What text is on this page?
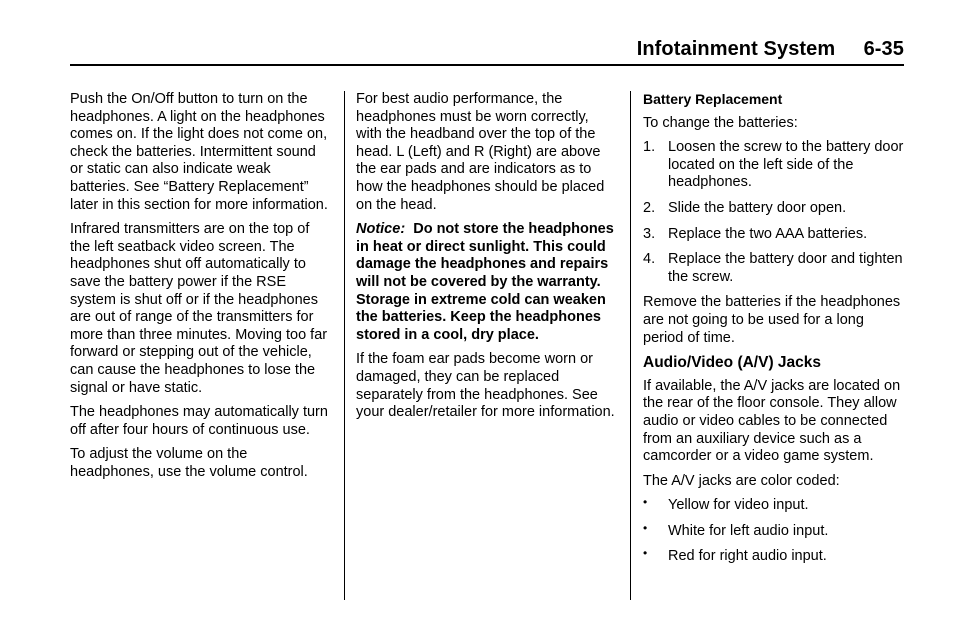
Infotainment System     6-35

Push the On/Off button to turn on the headphones. A light on the headphones comes on. If the light does not come on, check the batteries. Intermittent sound or static can also indicate weak batteries. See “Battery Replacement” later in this section for more information.

Infrared transmitters are on the top of the left seatback video screen. The headphones shut off automatically to save the battery power if the RSE system is shut off or if the headphones are out of range of the transmitters for more than three minutes. Moving too far forward or stepping out of the vehicle, can cause the headphones to lose the signal or have static.

The headphones may automatically turn off after four hours of continuous use.

To adjust the volume on the headphones, use the volume control.

For best audio performance, the headphones must be worn correctly, with the headband over the top of the head. L (Left) and R (Right) are above the ear pads and are indicators as to how the headphones should be placed on the head.

Notice: Do not store the headphones in heat or direct sunlight. This could damage the headphones and repairs will not be covered by the warranty. Storage in extreme cold can weaken the batteries. Keep the headphones stored in a cool, dry place.

If the foam ear pads become worn or damaged, they can be replaced separately from the headphones. See your dealer/retailer for more information.

Battery Replacement

To change the batteries:

1. Loosen the screw to the battery door located on the left side of the headphones.
2. Slide the battery door open.
3. Replace the two AAA batteries.
4. Replace the battery door and tighten the screw.

Remove the batteries if the headphones are not going to be used for a long period of time.

Audio/Video (A/V) Jacks

If available, the A/V jacks are located on the rear of the floor console. They allow audio or video cables to be connected from an auxiliary device such as a camcorder or a video game system.

The A/V jacks are color coded:

• Yellow for video input.
• White for left audio input.
• Red for right audio input.
